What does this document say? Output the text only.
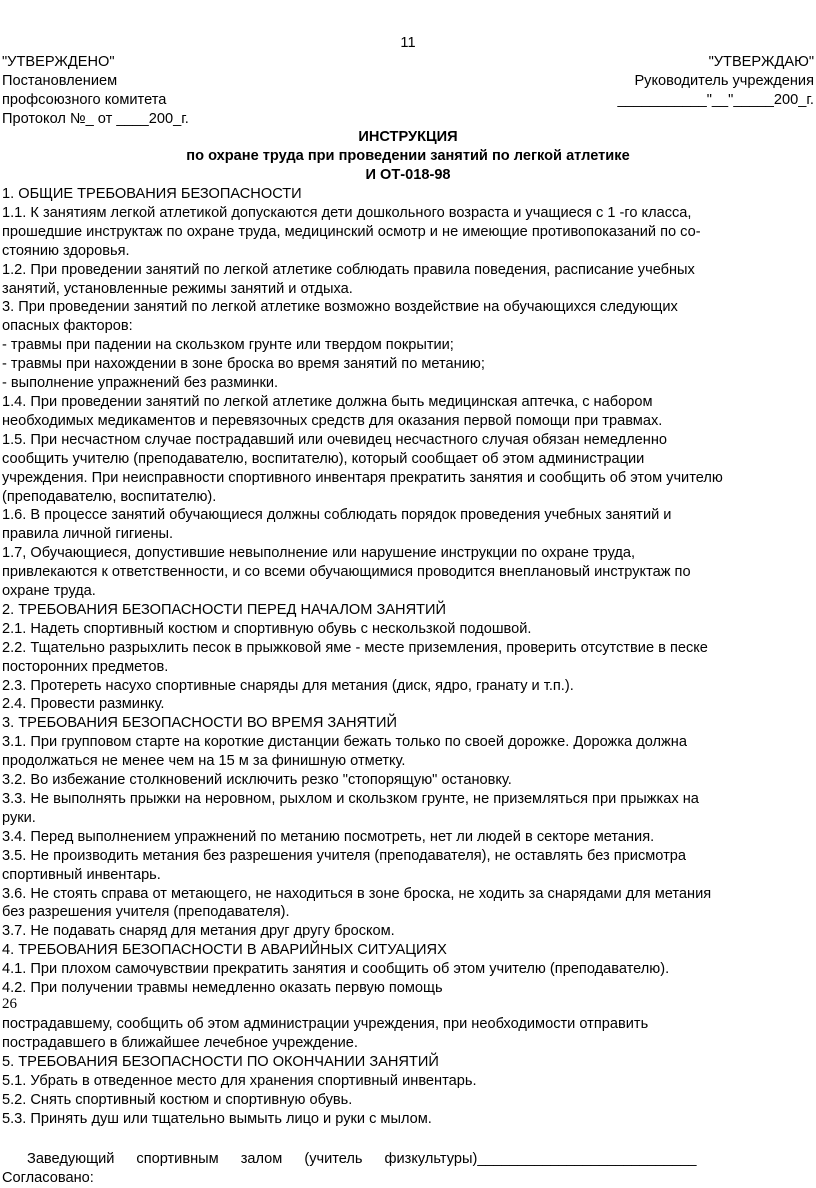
11

"УТВЕРЖДЕНО"

Постановлением

профсоюзного комитета

Протокол №_ от ____200_г.

"УТВЕРЖДАЮ"

Руководитель учреждения

___________"__"_____200_г.

ИНСТРУКЦИЯ

по охране труда при проведении занятий по легкой атлетике

И ОТ-018-98

1. ОБЩИЕ ТРЕБОВАНИЯ БЕЗОПАСНОСТИ

1.1. К занятиям легкой атлетикой допускаются дети дошкольного возраста и учащиеся с 1 -го класса,

прошедшие инструктаж по охране труда, медицинский осмотр и не имеющие противопоказаний по со-

стоянию здоровья.

1.2. При проведении занятий по легкой атлетике соблюдать правила поведения, расписание учебных

занятий, установленные режимы занятий и отдыха.

3. При проведении занятий по легкой атлетике возможно воздействие на обучающихся следующих

опасных факторов:

- травмы при падении на скользком грунте или твердом покрытии;

- травмы при нахождении в зоне броска во время занятий по метанию;

- выполнение упражнений без разминки.

1.4. При проведении занятий по легкой атлетике должна быть медицинская аптечка, с набором

необходимых медикаментов и перевязочных средств для оказания первой помощи при травмах.

1.5. При несчастном случае пострадавший или очевидец несчастного случая обязан немедленно

сообщить учителю (преподавателю, воспитателю), который сообщает об этом администрации

учреждения. При неисправности спортивного инвентаря прекратить занятия и сообщить об этом учителю

(преподавателю, воспитателю).

1.6. В процессе занятий обучающиеся должны соблюдать порядок проведения учебных занятий и

правила личной гигиены.

1.7, Обучающиеся, допустившие невыполнение или нарушение инструкции по охране труда,

привлекаются к ответственности, и со всеми обучающимися проводится внеплановый инструктаж по

охране труда.

2. ТРЕБОВАНИЯ БЕЗОПАСНОСТИ ПЕРЕД НАЧАЛОМ ЗАНЯТИЙ

2.1. Надеть спортивный костюм и спортивную обувь с нескользкой подошвой.

2.2. Тщательно разрыхлить песок в прыжковой яме - месте приземления, проверить отсутствие в песке

посторонних предметов.

2.3. Протереть насухо спортивные снаряды для метания (диск, ядро, гранату и т.п.).

2.4. Провести разминку.

3. ТРЕБОВАНИЯ БЕЗОПАСНОСТИ ВО ВРЕМЯ ЗАНЯТИЙ

3.1. При групповом старте на короткие дистанции бежать только по своей дорожке. Дорожка должна

продолжаться не менее чем на 15 м за финишную отметку.

3.2. Во избежание столкновений исключить резко "стопорящую" остановку.

3.3. Не выполнять прыжки на неровном, рыхлом и скользком грунте, не приземляться при прыжках на

руки.

3.4. Перед выполнением упражнений по метанию посмотреть, нет ли людей в секторе метания.

3.5. Не производить метания без разрешения учителя (преподавателя), не оставлять без присмотра

спортивный инвентарь.

3.6. Не стоять справа от метающего, не находиться в зоне броска, не ходить за снарядами для метания

без разрешения учителя (преподавателя).

3.7. Не подавать снаряд для метания друг другу броском.

4. ТРЕБОВАНИЯ БЕЗОПАСНОСТИ В АВАРИЙНЫХ СИТУАЦИЯХ

4.1. При плохом самочувствии прекратить занятия и сообщить об этом учителю (преподавателю).

4.2. При получении травмы немедленно оказать первую помощь

26

пострадавшему, сообщить об этом администрации учреждения, при необходимости отправить

пострадавшего в ближайшее лечебное учреждение.

5. ТРЕБОВАНИЯ БЕЗОПАСНОСТИ ПО ОКОНЧАНИИ ЗАНЯТИЙ

5.1. Убрать в отведенное место для хранения спортивный инвентарь.

5.2. Снять спортивный костюм и спортивную обувь.

5.3. Принять душ или тщательно вымыть лицо и руки с мылом.

Заведующий спортивным залом (учитель физкультуры)___________________________

Согласовано:
